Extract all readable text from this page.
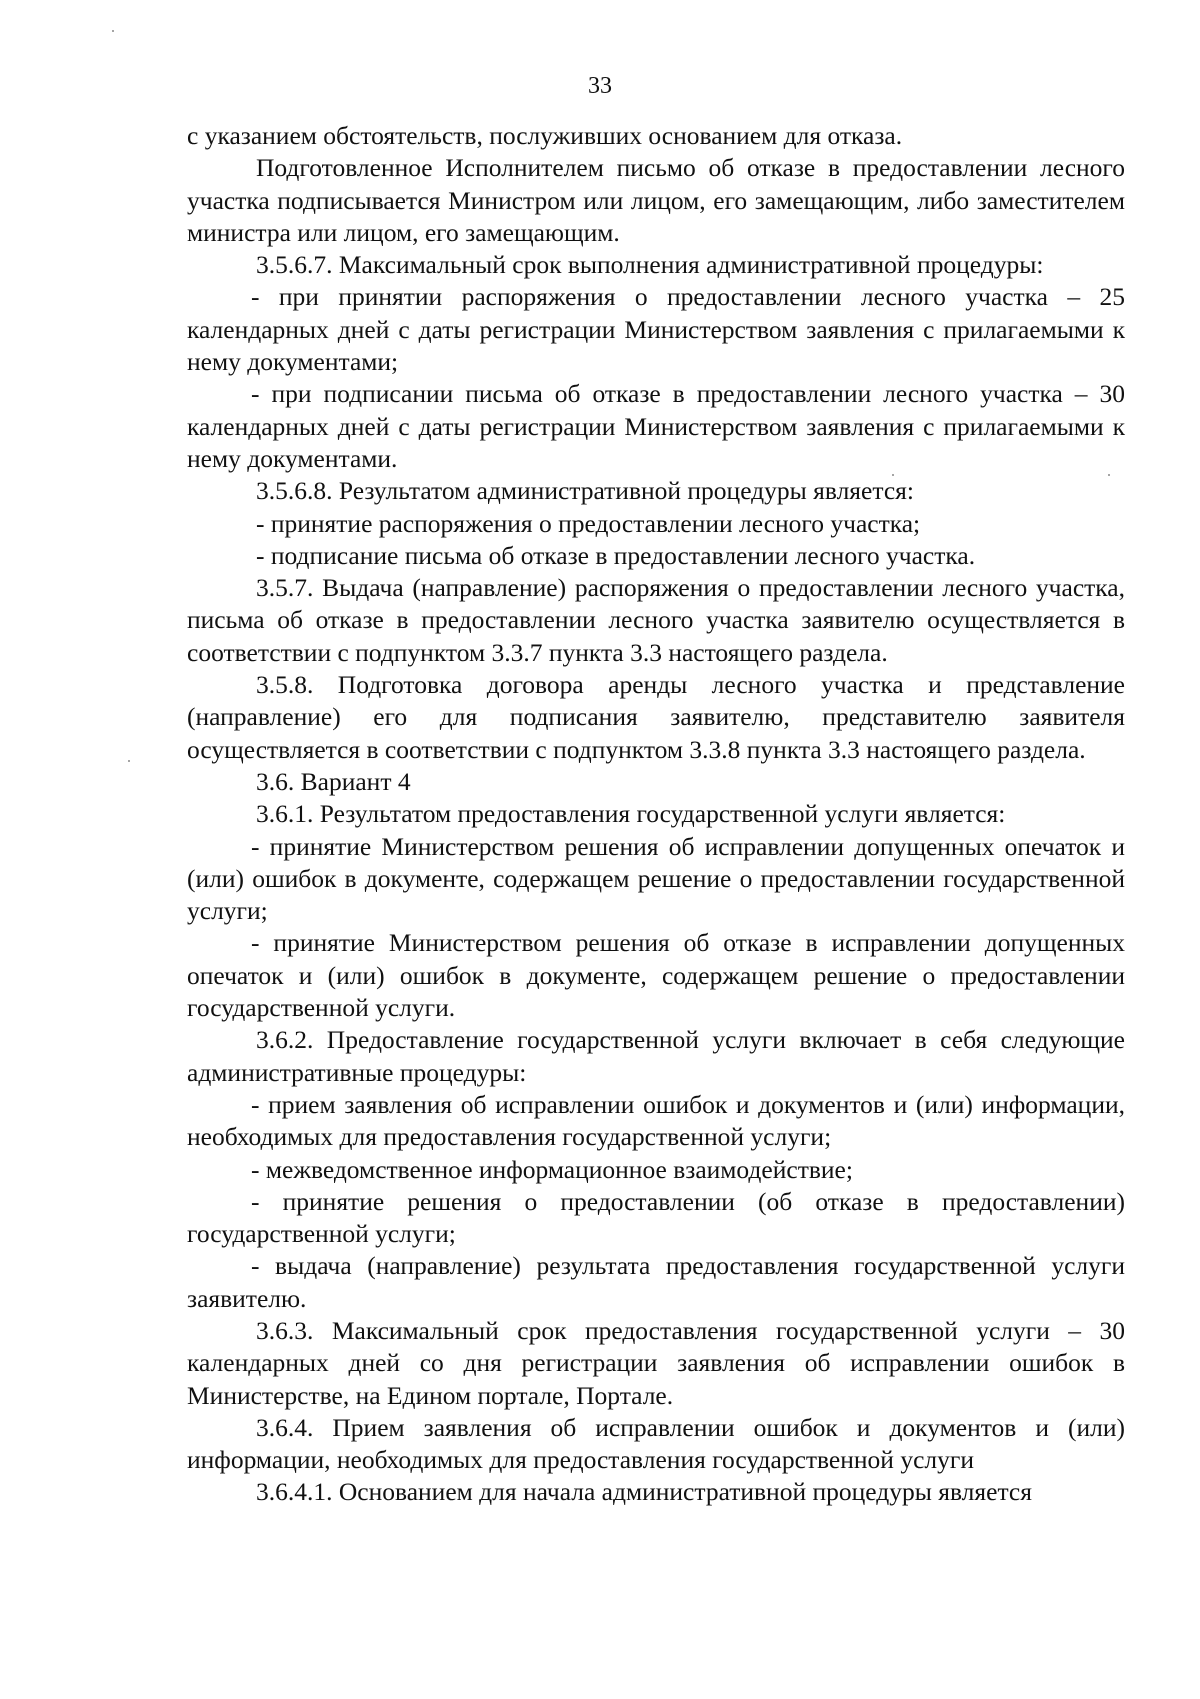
33

с указанием обстоятельств, послуживших основанием для отказа.

Подготовленное Исполнителем письмо об отказе в предоставлении лесного участка подписывается Министром или лицом, его замещающим, либо заместителем министра или лицом, его замещающим.

3.5.6.7. Максимальный срок выполнения административной процедуры:

- при принятии распоряжения о предоставлении лесного участка – 25 календарных дней с даты регистрации Министерством заявления с прилагаемыми к нему документами;

- при подписании письма об отказе в предоставлении лесного участка – 30 календарных дней с даты регистрации Министерством заявления с прилагаемыми к нему документами.

3.5.6.8. Результатом административной процедуры является:

- принятие распоряжения о предоставлении лесного участка;

- подписание письма об отказе в предоставлении лесного участка.

3.5.7. Выдача (направление) распоряжения о предоставлении лесного участка, письма об отказе в предоставлении лесного участка заявителю осуществляется в соответствии с подпунктом 3.3.7 пункта 3.3 настоящего раздела.

3.5.8. Подготовка договора аренды лесного участка и представление (направление) его для подписания заявителю, представителю заявителя осуществляется в соответствии с подпунктом 3.3.8 пункта 3.3 настоящего раздела.

3.6. Вариант 4

3.6.1. Результатом предоставления государственной услуги является:

- принятие Министерством решения об исправлении допущенных опечаток и (или) ошибок в документе, содержащем решение о предоставлении государственной услуги;

- принятие Министерством решения об отказе в исправлении допущенных опечаток и (или) ошибок в документе, содержащем решение о предоставлении государственной услуги.

3.6.2. Предоставление государственной услуги включает в себя следующие административные процедуры:

- прием заявления об исправлении ошибок и документов и (или) информации, необходимых для предоставления государственной услуги;

- межведомственное информационное взаимодействие;

- принятие решения о предоставлении (об отказе в предоставлении) государственной услуги;

- выдача (направление) результата предоставления государственной услуги заявителю.

3.6.3. Максимальный срок предоставления государственной услуги – 30 календарных дней со дня регистрации заявления об исправлении ошибок в Министерстве, на Едином портале, Портале.

3.6.4. Прием заявления об исправлении ошибок и документов и (или) информации, необходимых для предоставления государственной услуги

3.6.4.1. Основанием для начала административной процедуры является
